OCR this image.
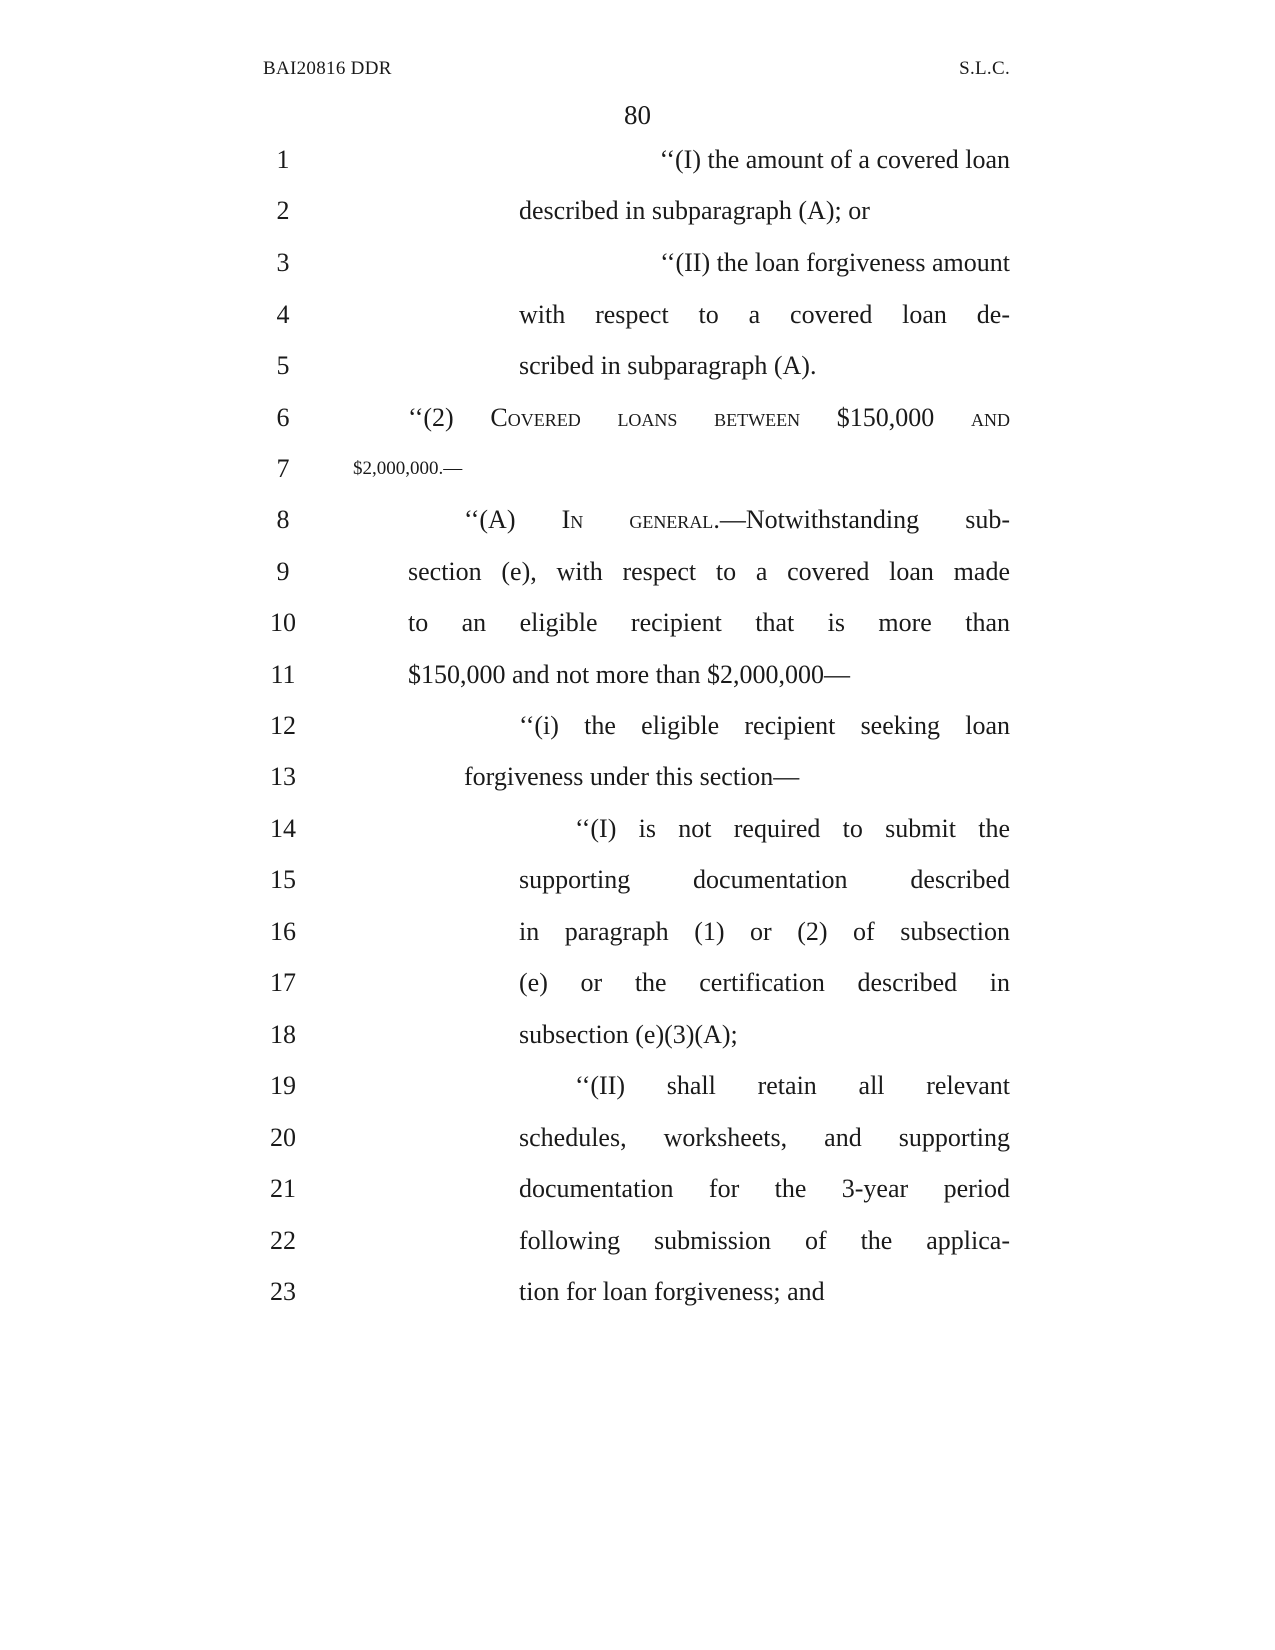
BAI20816 DDR	S.L.C.
80
1	‘‘(I) the amount of a covered loan
2	described in subparagraph (A); or
3	‘‘(II) the loan forgiveness amount
4	with respect to a covered loan de-
5	scribed in subparagraph (A).
6	‘‘(2) Covered loans between $150,000 and
7	$2,000,000.—
8	‘‘(A) In general.—Notwithstanding sub-
9	section (e), with respect to a covered loan made
10	to an eligible recipient that is more than
11	$150,000 and not more than $2,000,000—
12	‘‘(i) the eligible recipient seeking loan
13	forgiveness under this section—
14	‘‘(I) is not required to submit the
15	supporting documentation described
16	in paragraph (1) or (2) of subsection
17	(e) or the certification described in
18	subsection (e)(3)(A);
19	‘‘(II) shall retain all relevant
20	schedules, worksheets, and supporting
21	documentation for the 3-year period
22	following submission of the applica-
23	tion for loan forgiveness; and
